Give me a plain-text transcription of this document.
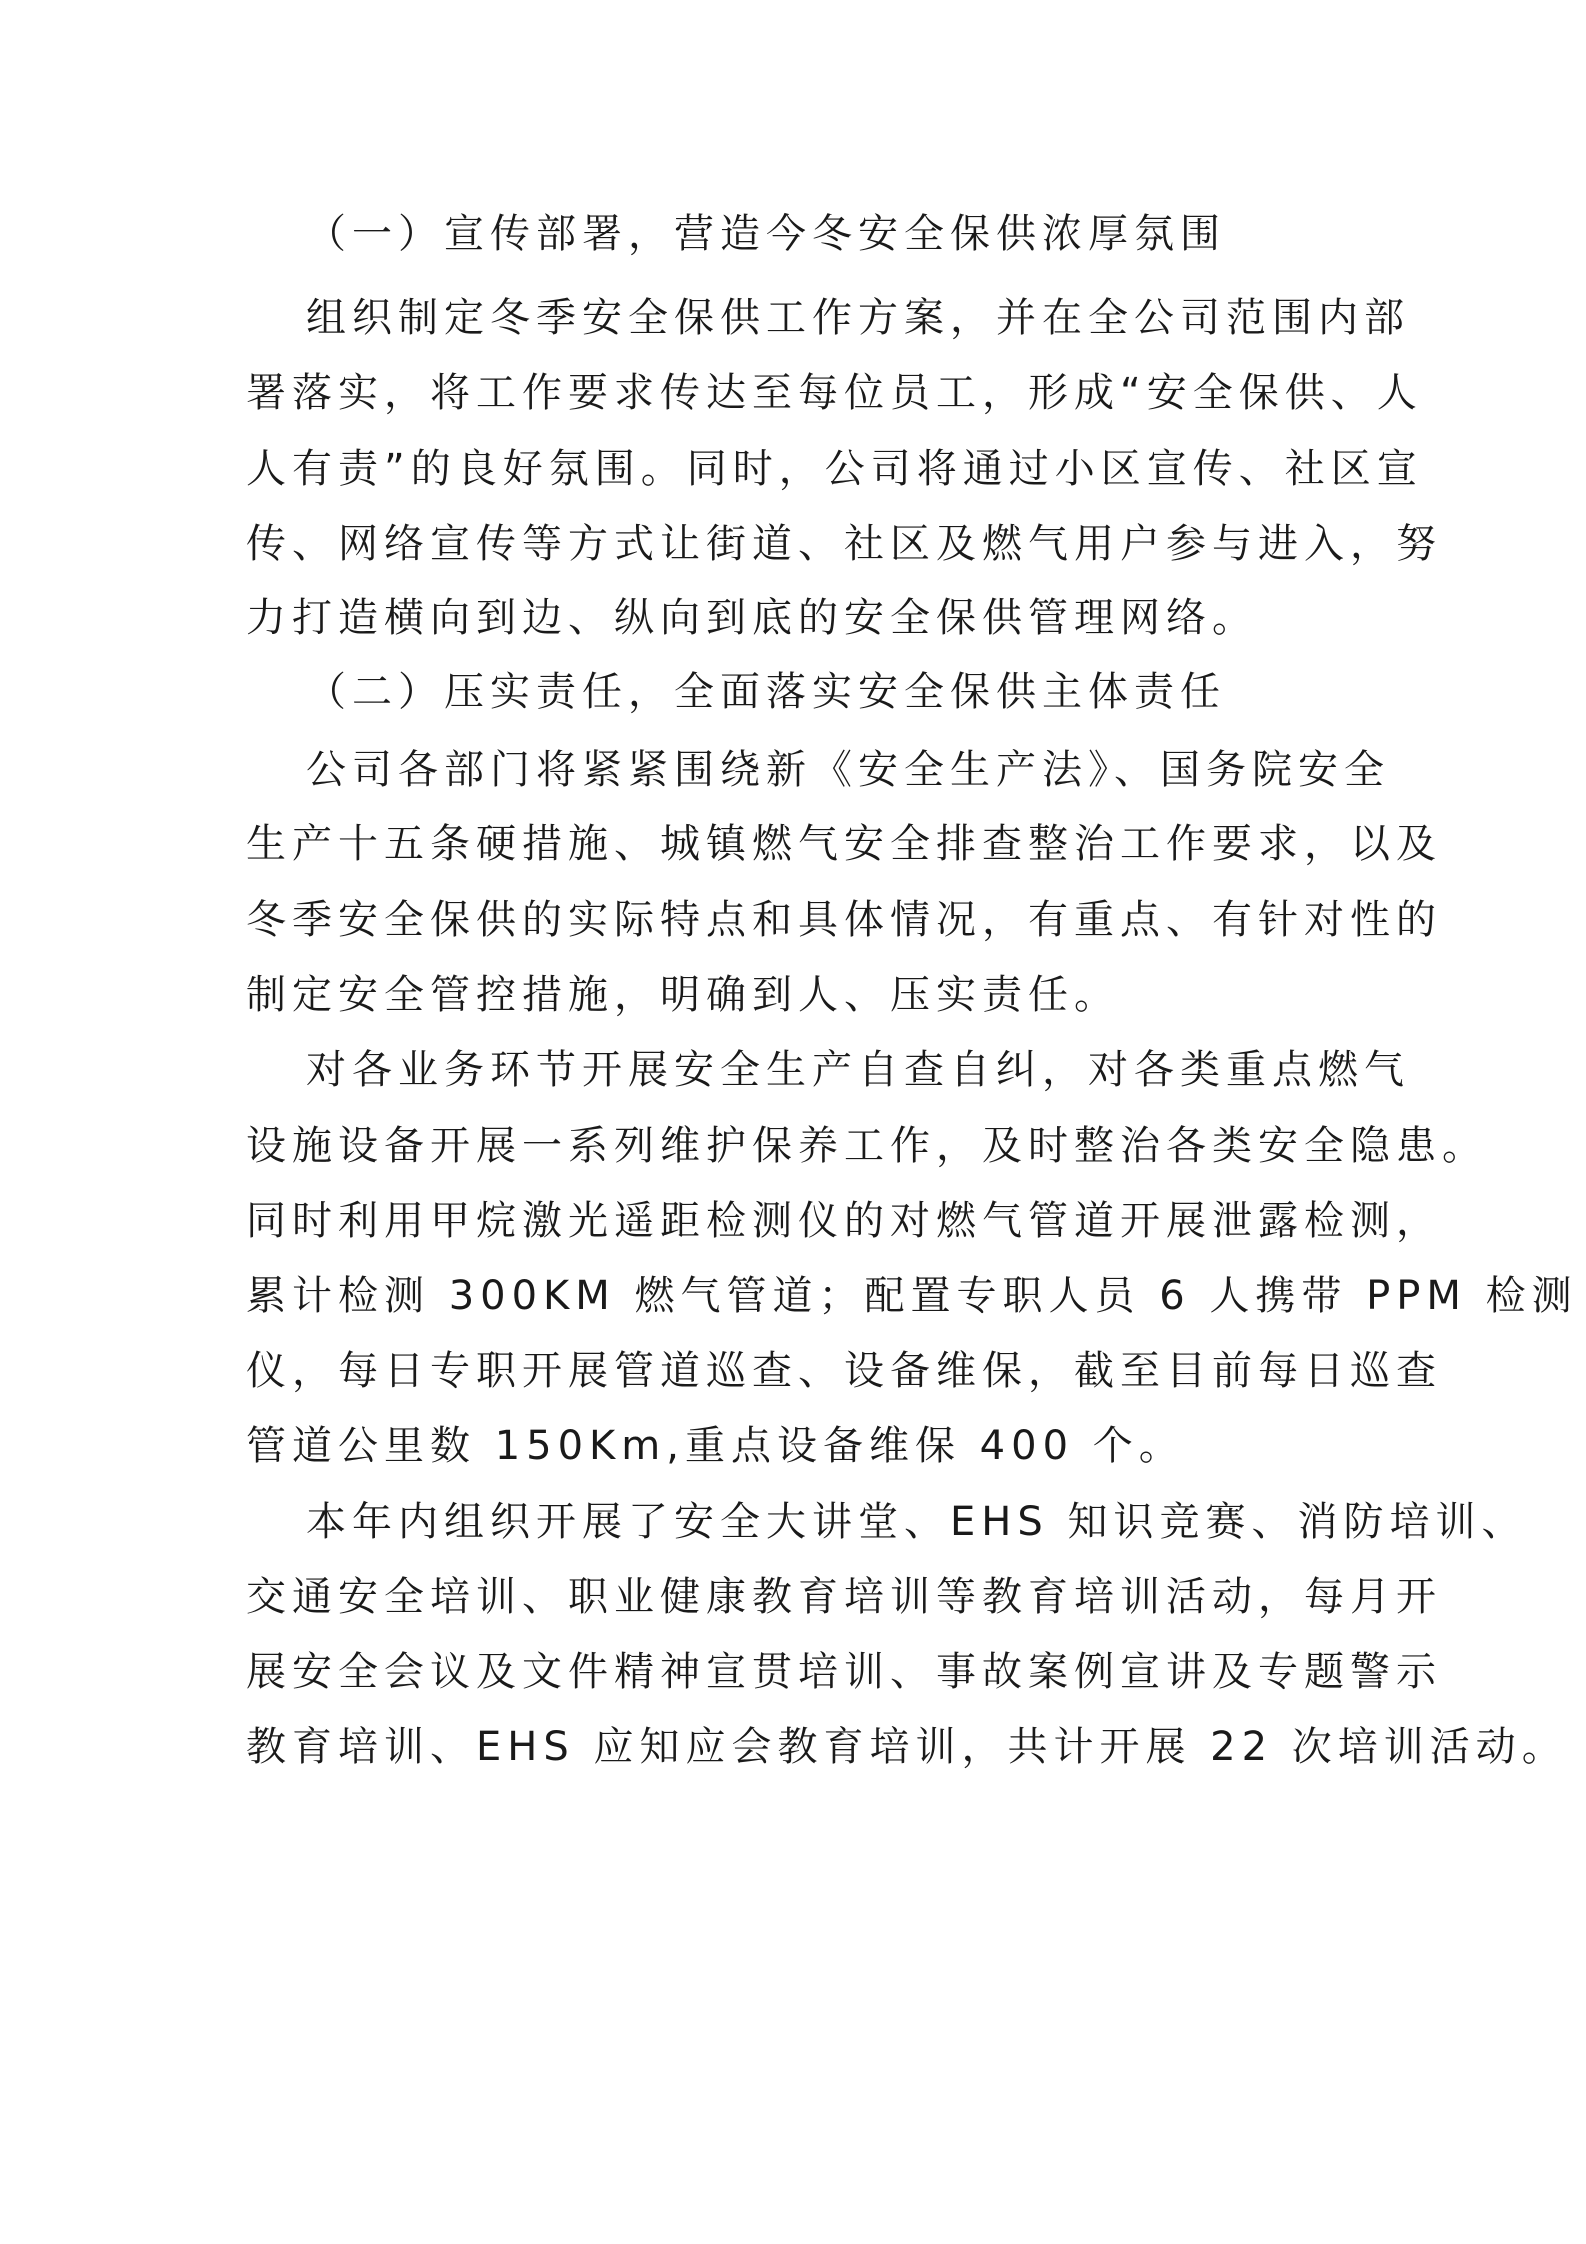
（一）宣传部署，营造今冬安全保供浓厚氛围
组织制定冬季安全保供工作方案，并在全公司范围内部
署落实，将工作要求传达至每位员工，形成“安全保供、人
人有责”的良好氛围。同时，公司将通过小区宣传、社区宣
传、网络宣传等方式让街道、社区及燃气用户参与进入，努
力打造横向到边、纵向到底的安全保供管理网络。
（二）压实责任，全面落实安全保供主体责任
公司各部门将紧紧围绕新《安全生产法》、国务院安全
生产十五条硬措施、城镇燃气安全排查整治工作要求，以及
冬季安全保供的实际特点和具体情况，有重点、有针对性的
制定安全管控措施，明确到人、压实责任。
对各业务环节开展安全生产自查自纠，对各类重点燃气
设施设备开展一系列维护保养工作，及时整治各类安全隐患。
同时利用甲烷激光遥距检测仪的对燃气管道开展泄露检测，
累计检测 300KM 燃气管道；配置专职人员 6 人携带 PPM 检测
仪，每日专职开展管道巡查、设备维保，截至目前每日巡查
管道公里数 150Km,重点设备维保 400 个。
本年内组织开展了安全大讲堂、EHS 知识竞赛、消防培训、
交通安全培训、职业健康教育培训等教育培训活动，每月开
展安全会议及文件精神宣贯培训、事故案例宣讲及专题警示
教育培训、EHS 应知应会教育培训，共计开展 22 次培训活动。
